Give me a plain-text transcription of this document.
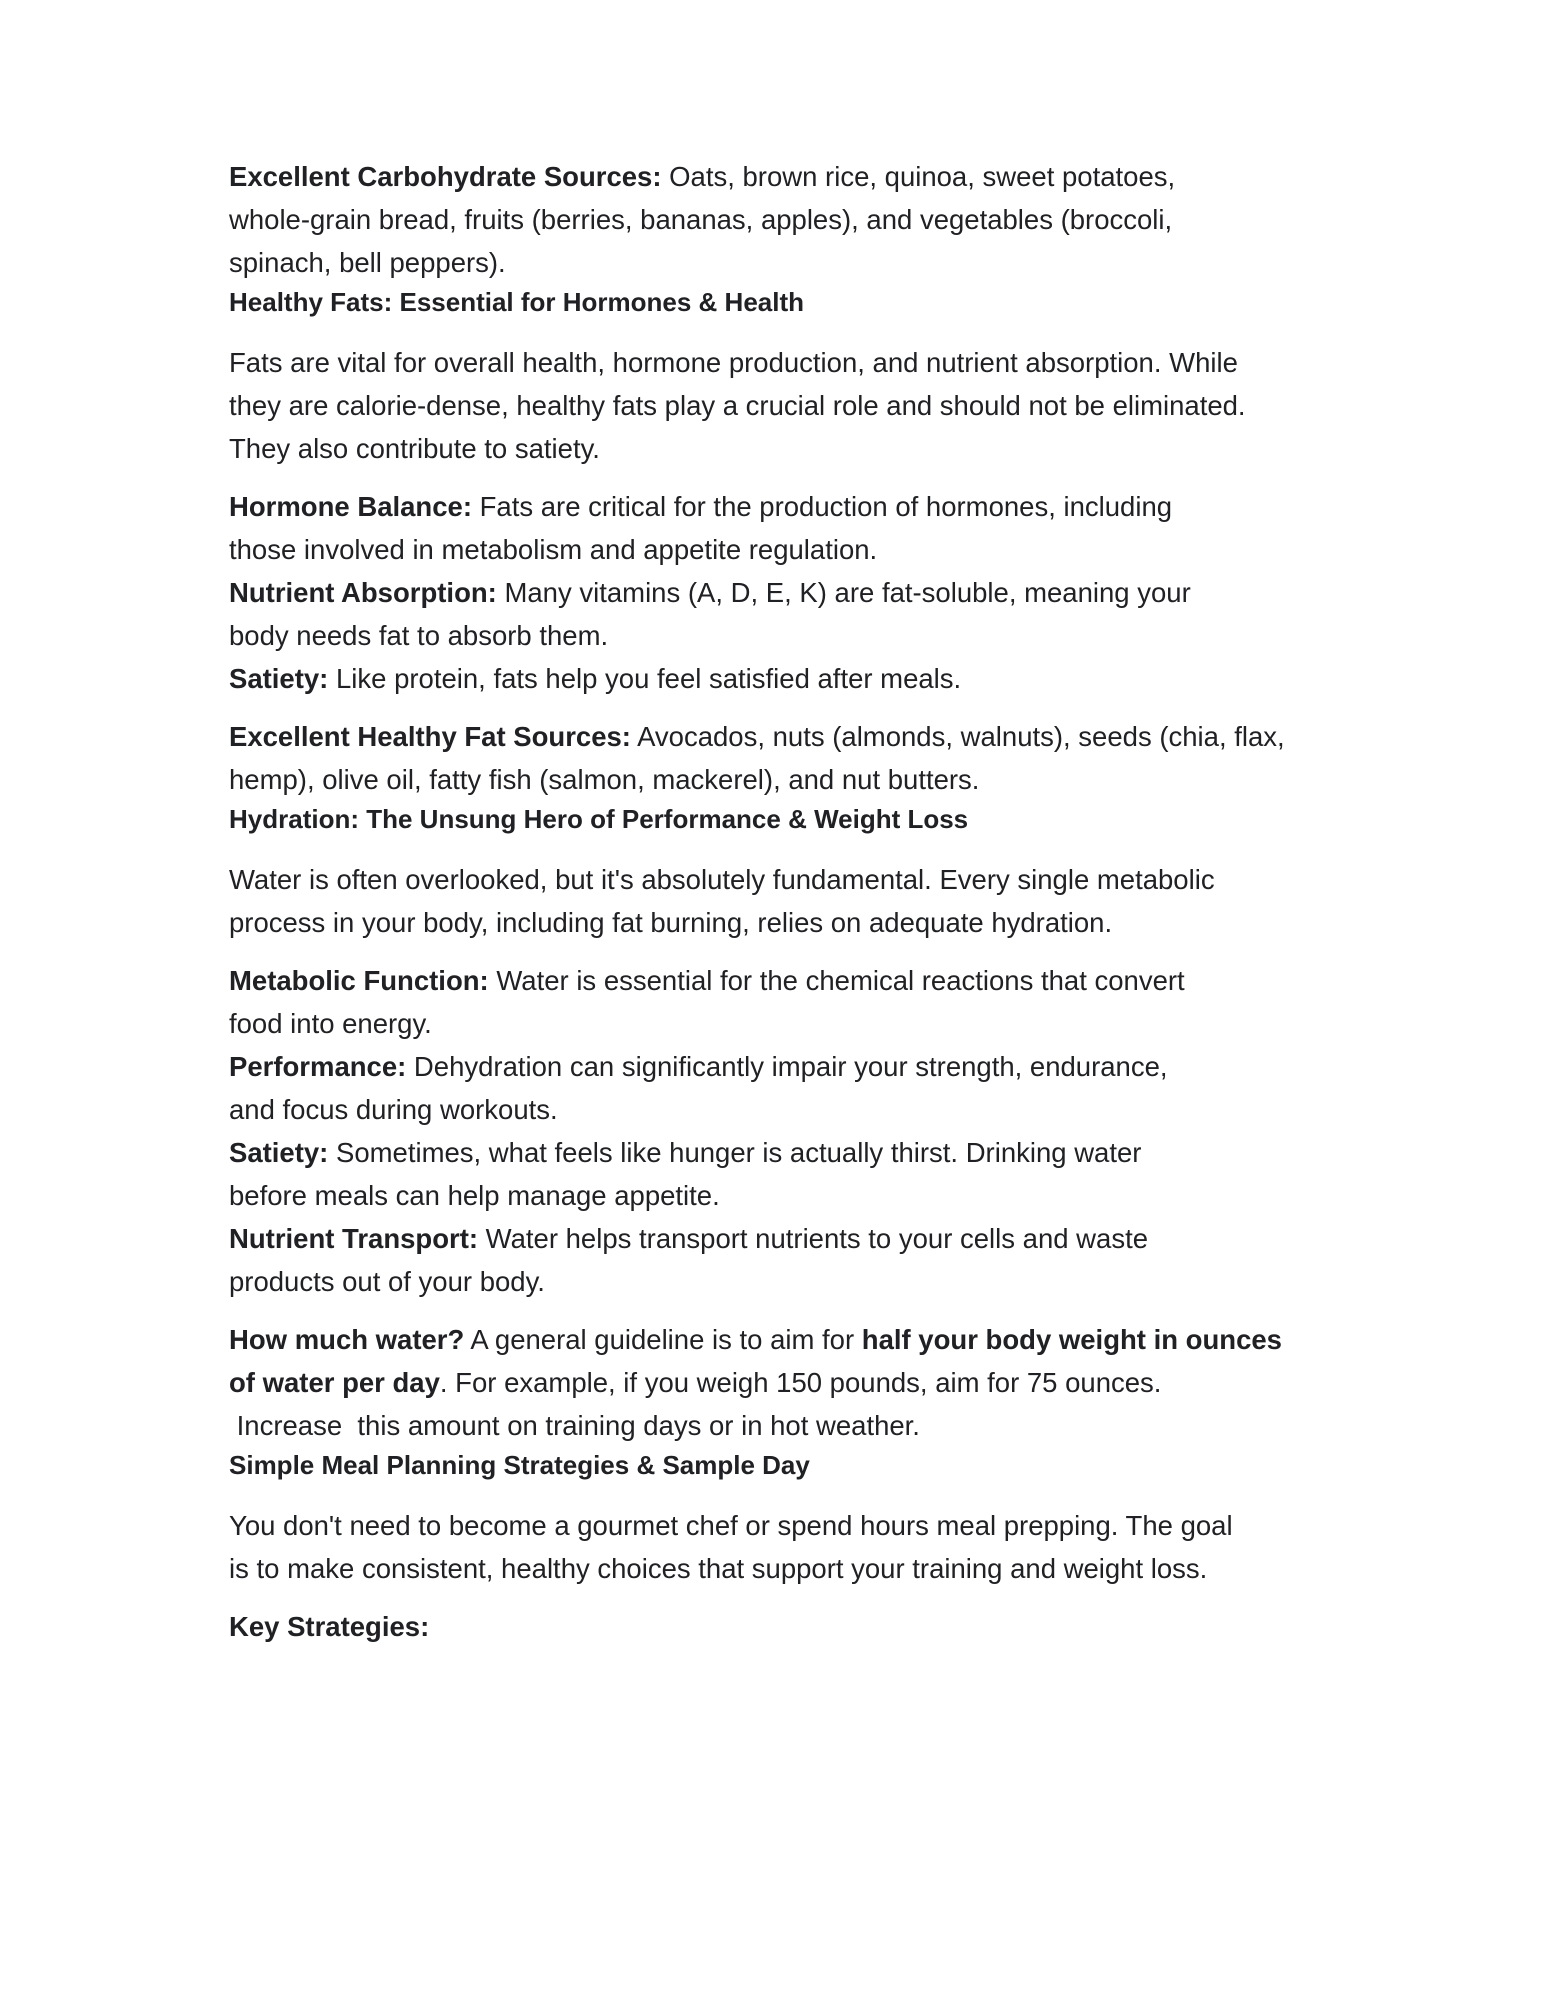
Excellent Carbohydrate Sources: Oats, brown rice, quinoa, sweet potatoes,
whole-grain bread, fruits (berries, bananas, apples), and vegetables (broccoli,
spinach, bell peppers).
Healthy Fats: Essential for Hormones & Health
Fats are vital for overall health, hormone production, and nutrient absorption. While
they are calorie-dense, healthy fats play a crucial role and should not be eliminated.
They also contribute to satiety.
Hormone Balance: Fats are critical for the production of hormones, including
those involved in metabolism and appetite regulation.
Nutrient Absorption: Many vitamins (A, D, E, K) are fat-soluble, meaning your
body needs fat to absorb them.
Satiety: Like protein, fats help you feel satisfied after meals.
Excellent Healthy Fat Sources: Avocados, nuts (almonds, walnuts), seeds (chia, flax,
hemp), olive oil, fatty fish (salmon, mackerel), and nut butters.
Hydration: The Unsung Hero of Performance & Weight Loss
Water is often overlooked, but it's absolutely fundamental. Every single metabolic
process in your body, including fat burning, relies on adequate hydration.
Metabolic Function: Water is essential for the chemical reactions that convert
food into energy.
Performance: Dehydration can significantly impair your strength, endurance,
and focus during workouts.
Satiety: Sometimes, what feels like hunger is actually thirst. Drinking water
before meals can help manage appetite.
Nutrient Transport: Water helps transport nutrients to your cells and waste
products out of your body.
How much water? A general guideline is to aim for half your body weight in ounces
of water per day. For example, if you weigh 150 pounds, aim for 75 ounces.
Increase  this amount on training days or in hot weather.
Simple Meal Planning Strategies & Sample Day
You don't need to become a gourmet chef or spend hours meal prepping. The goal
is to make consistent, healthy choices that support your training and weight loss.
Key Strategies:
